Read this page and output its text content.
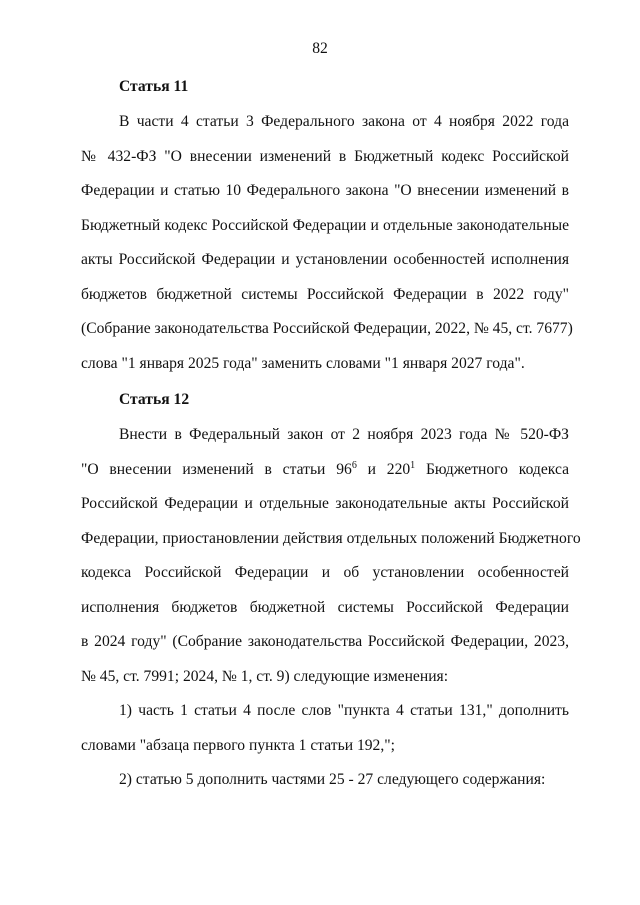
82
Статья 11
В части 4 статьи 3 Федерального закона от 4 ноября 2022 года
№ 432-ФЗ "О внесении изменений в Бюджетный кодекс Российской
Федерации и статью 10 Федерального закона "О внесении изменений в
Бюджетный кодекс Российской Федерации и отдельные законодательные
акты Российской Федерации и установлении особенностей исполнения
бюджетов бюджетной системы Российской Федерации в 2022 году"
(Собрание законодательства Российской Федерации, 2022, № 45, ст. 7677)
слова "1 января 2025 года" заменить словами "1 января 2027 года".
Статья 12
Внести в Федеральный закон от 2 ноября 2023 года № 520-ФЗ
"О внесении изменений в статьи $96^6$ и $220^1$ Бюджетного кодекса
Российской Федерации и отдельные законодательные акты Российской
Федерации, приостановлении действия отдельных положений Бюджетного
кодекса Российской Федерации и об установлении особенностей
исполнения бюджетов бюджетной системы Российской Федерации
в 2024 году" (Собрание законодательства Российской Федерации, 2023,
№ 45, ст. 7991; 2024, № 1, ст. 9) следующие изменения:
1) часть 1 статьи 4 после слов "пункта 4 статьи 131," дополнить
словами "абзаца первого пункта 1 статьи 192,";
2) статью 5 дополнить частями 25 - 27 следующего содержания:
